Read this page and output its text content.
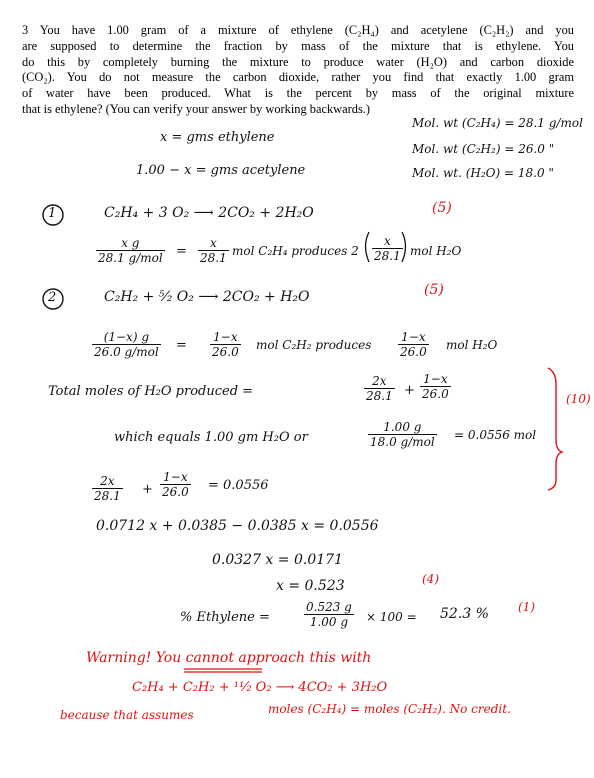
3 You have 1.00 gram of a mixture of ethylene (C₂H₄) and acetylene (C₂H₂) and you
are supposed to determine the fraction by mass of the mixture that is ethylene. You
do this by completely burning the mixture to produce water (H₂O) and carbon dioxide
(CO₂). You do not measure the carbon dioxide, rather you find that exactly 1.00 gram
of water have been produced. What is the percent by mass of the original mixture
that is ethylene? (You can verify your answer by working backwards.)
Mol. wt (C₂H₄) = 28.1 g/mol
Mol. wt (C₂H₂) = 26.0 "
Mol. wt. (H₂O) = 18.0 "
x = gms ethylene
1.00 − x = gms acetylene
1	C₂H₄ + 3 O₂ ⟶ 2CO₂ + 2H₂O	(5)
x g
28.1 $g/mol = \frac{x}{28.1}$ mol C₂H₄ produces $2 \frac{x}{28.1}$ mol H₂O
2	C₂H₂ + ⁵⁄₂ O₂ ⟶ 2CO₂ + H₂O	(5)
(1−x) g
26.0 $g/mol = \frac{1-x}{26.0}$ mol C₂H₂ produces $\frac{1-x}{26.0}$ mol H₂O
Total moles of H₂O produced =	$\frac{2x}{28.1} + \frac{1-x}{26.0}$	(10)
which equals 1.00 gm H₂O or
1.00 g
18.0 g/mol = 0.0556 mol
$\frac{2x}{28.1} + \frac{1-x}{26.0} = 0.0556$
0.0712 x + 0.0385 − 0.0385 x = 0.0556
0.0327 x = 0.0171
x = 0.523	(4)
% Ethylene =	$\frac{0.523 g}{1.00 g} \times 100 = 52.3$ % (1)
Warning! You cannot approach this with
C₂H₄ + C₂H₂ + ¹¹⁄₂ O₂ ⟶ 4CO₂ + 3H₂O
because that assumes	moles (C₂H₄) = moles (C₂H₂). No credit.
